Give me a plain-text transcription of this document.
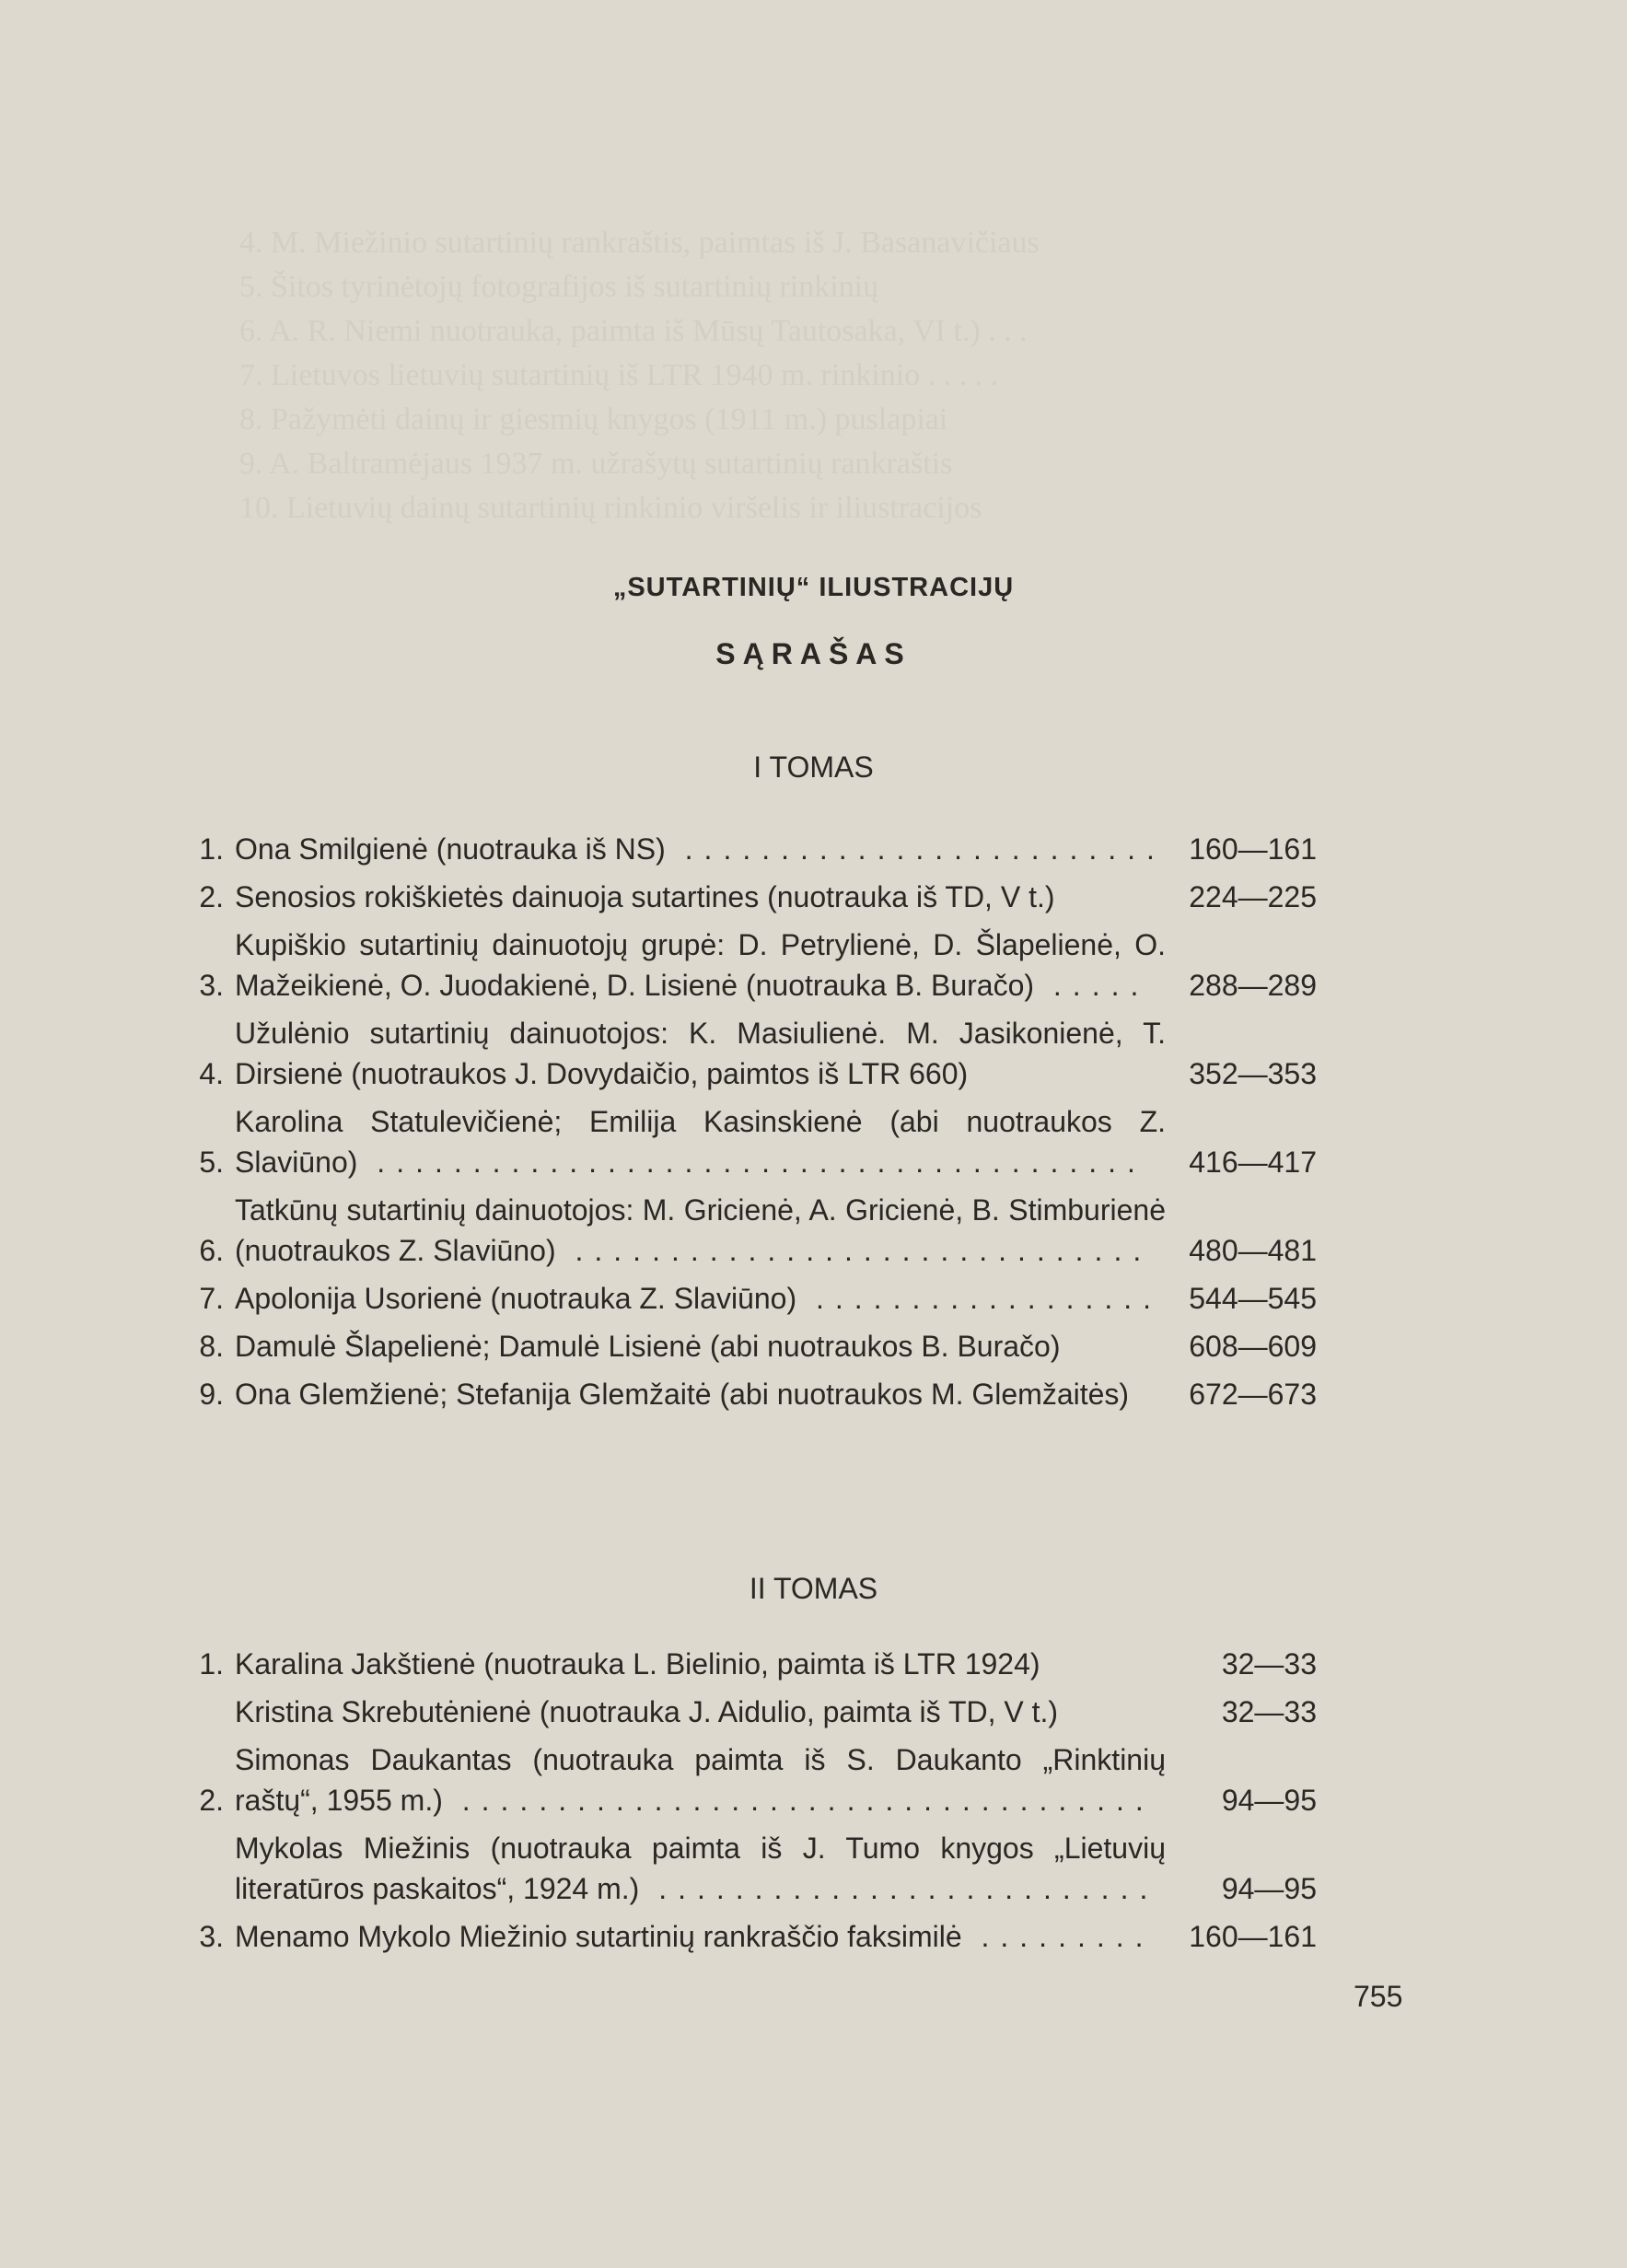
4. M. Miežinio sutartinių rankraštis, paimtas iš J. Basanavičiaus
5. Šitos tyrinėtojų fotografijos iš sutartinių rinkinių
6. A. R. Niemi nuotrauka, paimta iš Mūsų Tautosaka, VI t.) . . .
7. Lietuvos lietuvių sutartinių iš LTR 1940 m. rinkinio . . . . .
8. Pažymėti dainų ir giesmių knygos (1911 m.) puslapiai
9. A. Baltramėjaus 1937 m. užrašytų sutartinių rankraštis
10. Lietuvių dainų sutartinių rinkinio viršelis ir iliustracijos
„SUTARTINIŲ“ ILIUSTRACIJŲ
SĄRAŠAS
I TOMAS
1. Ona Smilgienė (nuotrauka iš NS) ......................... 160—161
2. Senosios rokiškietės dainuoja sutartines (nuotrauka iš TD, V t.)	224—225
3.
Kupiškio sutartinių dainuotojų grupė: D. Petrylienė, D. Šlapelienė, O. Mažeikienė, O. Juodakienė, D. Lisienė (nuotrauka B. Buračo) .....	288—289
4.
Užulėnio sutartinių dainuotojos: K. Masiulienė. M. Jasikonienė, T. Dirsienė (nuotraukos J. Dovydaičio, paimtos iš LTR 660)	352—353
5.
Karolina Statulevičienė; Emilija Kasinskienė (abi nuotraukos Z. Slaviūno) ........................................	416—417
6.
Tatkūnų sutartinių dainuotojos: M. Gricienė, A. Gricienė, B. Stimburienė (nuotraukos Z. Slaviūno) ..............................	480—481
7. Apolonija Usorienė (nuotrauka Z. Slaviūno) .................. 544—545
8. Damulė Šlapelienė; Damulė Lisienė (abi nuotraukos B. Buračo)	608—609
9. Ona Glemžienė; Stefanija Glemžaitė (abi nuotraukos M. Glemžaitės)	672—673
II TOMAS
1. Karalina Jakštienė (nuotrauka L. Bielinio, paimta iš LTR 1924)	32—33
Kristina Skrebutėnienė (nuotrauka J. Aidulio, paimta iš TD, V t.)	32—33
2.
Simonas Daukantas (nuotrauka paimta iš S. Daukanto „Rinktinių raštų“, 1955 m.) ....................................	94—95
Mykolas Miežinis (nuotrauka paimta iš J. Tumo knygos „Lietuvių literatūros paskaitos“, 1924 m.) ..........................	94—95
3. Menamo Mykolo Miežinio sutartinių rankraščio faksimilė .........	160—161
755
